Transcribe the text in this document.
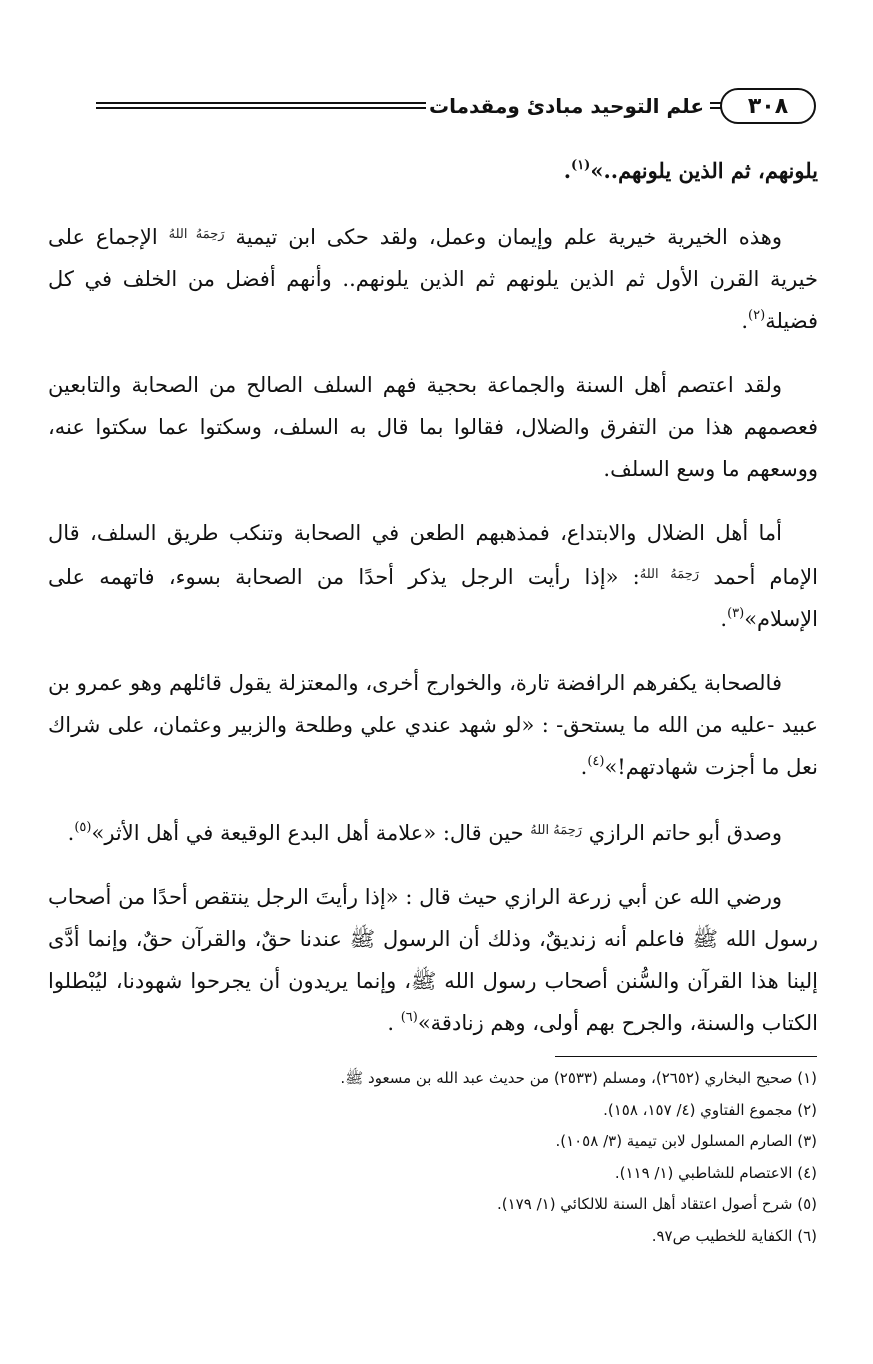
٣٠٨
علم التوحيد مبادئ ومقدمات

يلونهم، ثم الذين يلونهم..»$^{(١)}$.

وهذه الخيرية خيرية علم وإيمان وعمل، ولقد حكى ابن تيمية $^{رَحِمَهُ اللهُ}$ الإجماع على خيرية القرن الأول ثم الذين يلونهم ثم الذين يلونهم.. وأنهم أفضل من الخلف في كل فضيلة$^{(٢)}$.

ولقد اعتصم أهل السنة والجماعة بحجية فهم السلف الصالح من الصحابة والتابعين فعصمهم هذا من التفرق والضلال، فقالوا بما قال به السلف، وسكتوا عما سكتوا عنه، ووسعهم ما وسع السلف.

أما أهل الضلال والابتداع، فمذهبهم الطعن في الصحابة وتنكب طريق السلف، قال الإمام أحمد $^{رَحِمَهُ اللهُ}$: «إذا رأيت الرجل يذكر أحدًا من الصحابة بسوء، فاتهمه على الإسلام»$^{(٣)}$.

فالصحابة يكفرهم الرافضة تارة، والخوارج أخرى، والمعتزلة يقول قائلهم وهو عمرو بن عبيد -عليه من الله ما يستحق- : «لو شهد عندي علي وطلحة والزبير وعثمان، على شراك نعل ما أجزت شهادتهم!»$^{(٤)}$.

وصدق أبو حاتم الرازي $^{رَحِمَهُ اللهُ}$ حين قال: «علامة أهل البدع الوقيعة في أهل الأثر»$^{(٥)}$.

ورضي الله عن أبي زرعة الرازي حيث قال : «إذا رأيتَ الرجل ينتقص أحدًا من أصحاب رسول الله ﷺ فاعلم أنه زنديقٌ، وذلك أن الرسول ﷺ عندنا حقٌ، والقرآن حقٌ، وإنما أدَّى إلينا هذا القرآن والسُّنن أصحاب رسول الله ﷺ، وإنما يريدون أن يجرحوا شهودنا، ليُبْطلوا الكتاب والسنة، والجرح بهم أولى، وهم زنادقة»$^{(٦)}$ .

(١) صحيح البخاري (٢٦٥٢)، ومسلم (٢٥٣٣) من حديث عبد الله بن مسعود ﷺ.
(٢) مجموع الفتاوي (٤/ ١٥٧، ١٥٨).
(٣) الصارم المسلول لابن تيمية (٣/ ١٠٥٨).
(٤) الاعتصام للشاطبي (١/ ١١٩).
(٥) شرح أصول اعتقاد أهل السنة للالكائي (١/ ١٧٩).
(٦) الكفاية للخطيب ص٩٧.
